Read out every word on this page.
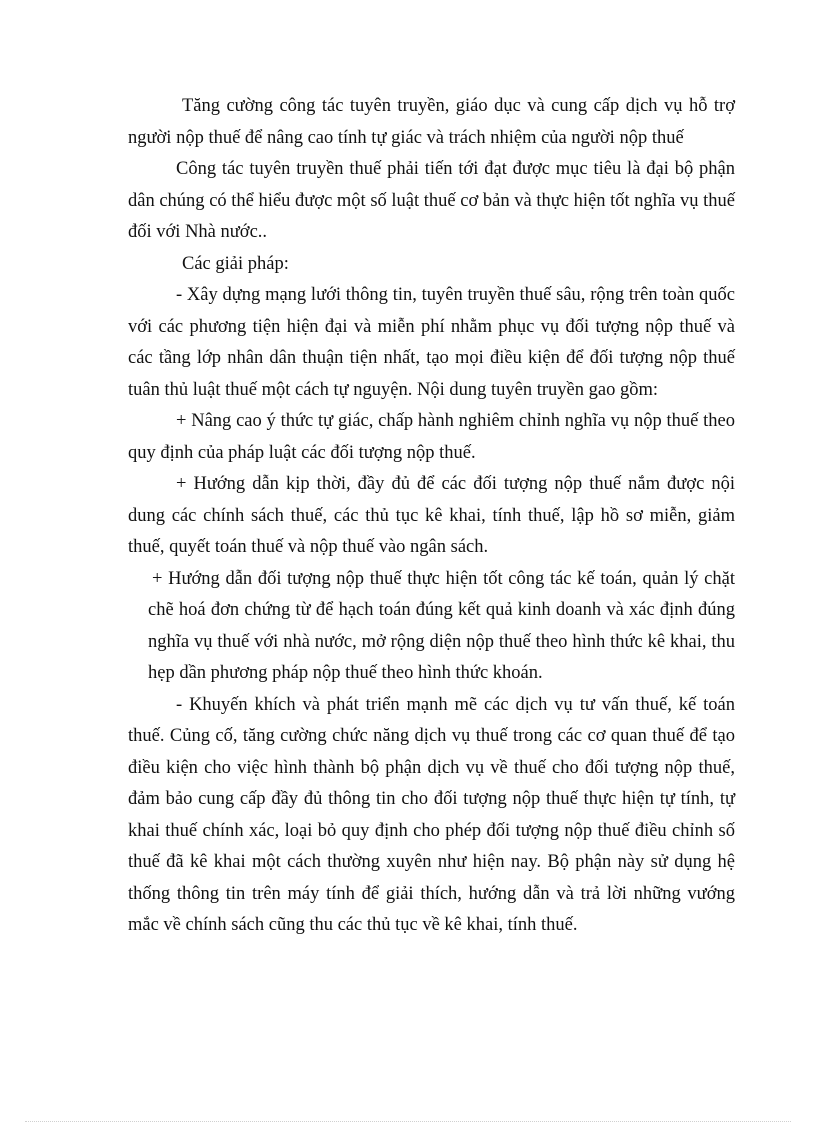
Tăng cường công tác tuyên truyền, giáo dục và cung cấp dịch vụ hỗ trợ người nộp thuế để nâng cao tính tự giác và trách nhiệm của người nộp thuế

Công tác tuyên truyền thuế phải tiến tới đạt được mục tiêu là đại bộ phận dân chúng có thể hiểu được một số luật thuế cơ bản và thực hiện tốt nghĩa vụ thuế đối với Nhà nước..

Các giải pháp:

- Xây dựng mạng lưới thông tin, tuyên truyền thuế sâu, rộng trên toàn quốc với các phương tiện hiện đại và miễn phí nhằm phục vụ đối tượng nộp thuế và các tầng lớp nhân dân thuận tiện nhất, tạo mọi điều kiện để đối tượng nộp thuế tuân thủ luật thuế một cách tự nguyện. Nội dung tuyên truyền gao gồm:

+ Nâng cao ý thức tự giác, chấp hành nghiêm chỉnh nghĩa vụ nộp thuế theo quy định của pháp luật các đối tượng nộp thuế.

+ Hướng dẫn kịp thời, đầy đủ để các đối tượng nộp thuế nắm được nội dung các chính sách thuế, các thủ tục kê khai, tính thuế, lập hồ sơ miễn, giảm thuế, quyết toán thuế và nộp thuế vào ngân sách.

+ Hướng dẫn đối tượng nộp thuế thực hiện tốt công tác kế toán, quản lý chặt chẽ hoá đơn chứng từ để hạch toán đúng kết quả kinh doanh và xác định đúng nghĩa vụ thuế với nhà nước, mở rộng diện nộp thuế theo hình thức kê khai, thu hẹp dần phương pháp nộp thuế theo hình thức khoán.

- Khuyến khích và phát triển mạnh mẽ các dịch vụ tư vấn thuế, kế toán thuế. Củng cố, tăng cường chức năng dịch vụ thuế trong các cơ quan thuế để tạo điều kiện cho việc hình thành bộ phận dịch vụ về thuế cho đối tượng nộp thuế, đảm bảo cung cấp đầy đủ thông tin cho đối tượng nộp thuế thực hiện tự tính, tự khai thuế chính xác, loại bỏ quy định cho phép đối tượng nộp thuế điều chỉnh số thuế đã kê khai một cách thường xuyên như hiện nay. Bộ phận này sử dụng hệ thống thông tin trên máy tính để giải thích, hướng dẫn và trả lời những vướng mắc về chính sách cũng thu các thủ tục về kê khai, tính thuế.
